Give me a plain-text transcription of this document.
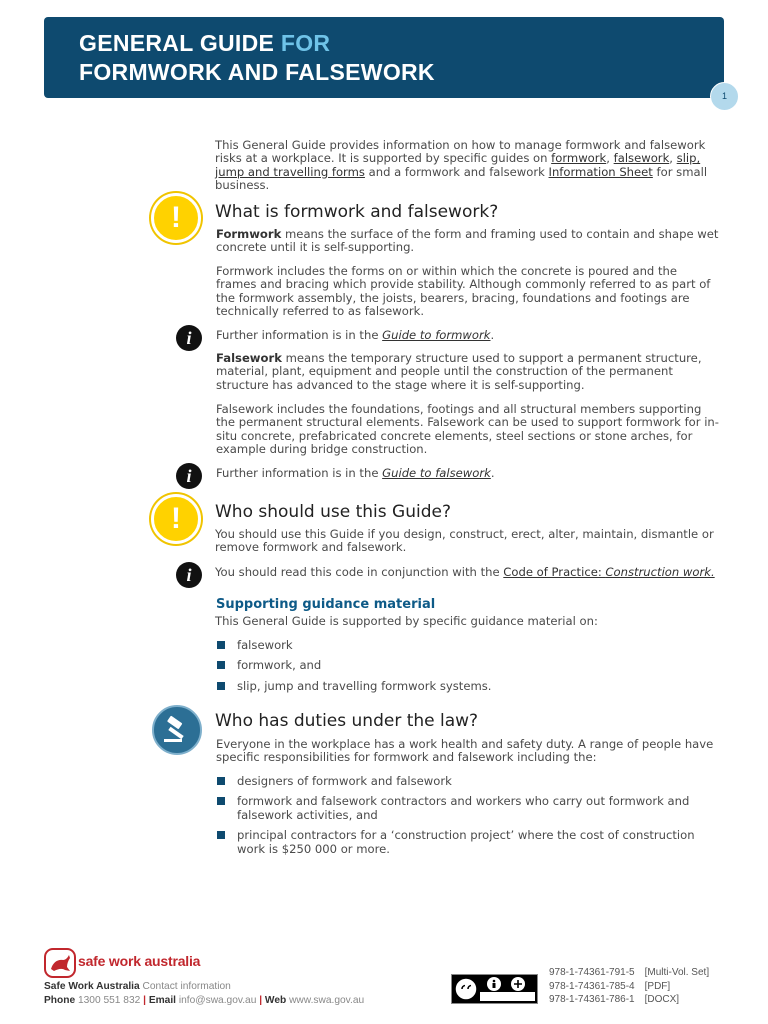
GENERAL GUIDE FOR
FORMWORK AND FALSEWORK
1

This General Guide provides information on how to manage formwork and falsework risks at a workplace. It is supported by specific guides on formwork, falsework, slip, jump and travelling forms and a formwork and falsework Information Sheet for small business.

!	What is formwork and falsework?

Formwork means the surface of the form and framing used to contain and shape wet concrete until it is self-supporting.

Formwork includes the forms on or within which the concrete is poured and the frames and bracing which provide stability. Although commonly referred to as part of the formwork assembly, the joists, bearers, bracing, foundations and footings are technically referred to as falsework.

i	Further information is in the Guide to formwork.

Falsework means the temporary structure used to support a permanent structure, material, plant, equipment and people until the construction of the permanent structure has advanced to the stage where it is self-supporting.

Falsework includes the foundations, footings and all structural members supporting the permanent structural elements. Falsework can be used to support formwork for in-situ concrete, prefabricated concrete elements, steel sections or stone arches, for example during bridge construction.

i	Further information is in the Guide to falsework.

!	Who should use this Guide?

You should use this Guide if you design, construct, erect, alter, maintain, dismantle or remove formwork and falsework.

i	You should read this code in conjunction with the Code of Practice: Construction work.

Supporting guidance material

This General Guide is supported by specific guidance material on:

falsework
formwork, and
slip, jump and travelling formwork systems.
Who has duties under the law?

Everyone in the workplace has a work health and safety duty. A range of people have specific responsibilities for formwork and falsework including the:

designers of formwork and falsework
formwork and falsework contractors and workers who carry out formwork and falsework activities, and
principal contractors for a ‘construction project’ where the cost of construction work is $250 000 or more.
safe work australia
Safe Work Australia Contact information
Phone 1300 551 832 | Email info@swa.gov.au | Web www.swa.gov.au
978-1-74361-791-5 [Multi-Vol. Set]
978-1-74361-785-4 [PDF]
978-1-74361-786-1 [DOCX]
